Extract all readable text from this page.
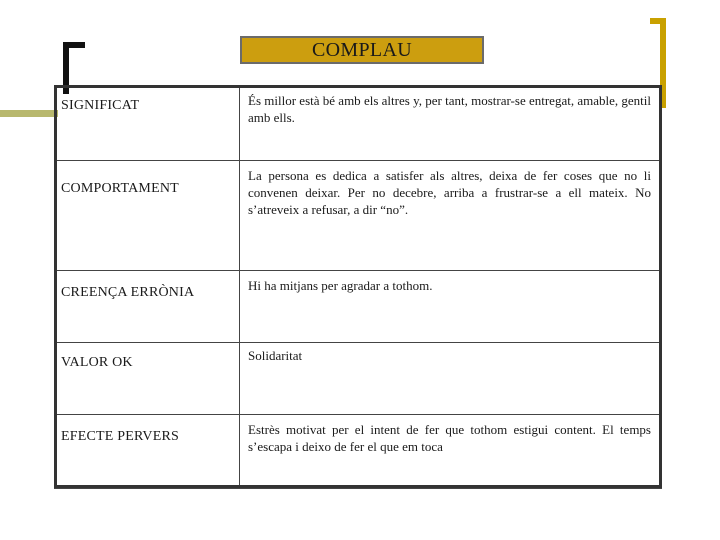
COMPLAU
SIGNIFICAT	És millor està bé amb els altres y, per tant, mostrar-se entregat, amable, gentil amb ells.
COMPORTAMENT	La persona es dedica a satisfer als altres, deixa de fer coses que no li convenen deixar. Per no decebre, arriba a frustrar-se a ell mateix. No s’atreveix a refusar, a dir “no”.
CREENÇA ERRÒNIA	Hi ha mitjans per agradar a tothom.
VALOR OK	Solidaritat
EFECTE PERVERS	Estrès motivat per el intent de fer que tothom estigui content. El temps s’escapa i deixo de fer el que em toca
